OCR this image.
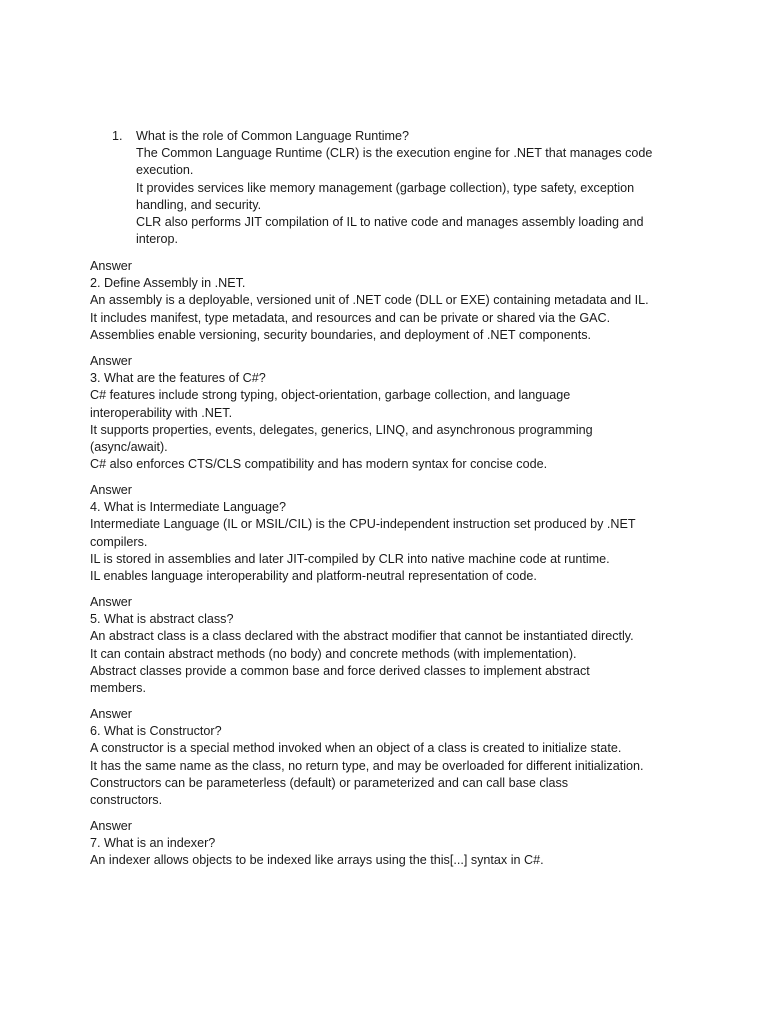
1. What is the role of Common Language Runtime?
The Common Language Runtime (CLR) is the execution engine for .NET that manages code
execution.
It provides services like memory management (garbage collection), type safety, exception
handling, and security.
CLR also performs JIT compilation of IL to native code and manages assembly loading and
interop.
Answer
2. Define Assembly in .NET.
An assembly is a deployable, versioned unit of .NET code (DLL or EXE) containing metadata and IL.
It includes manifest, type metadata, and resources and can be private or shared via the GAC.
Assemblies enable versioning, security boundaries, and deployment of .NET components.
Answer
3. What are the features of C#?
C# features include strong typing, object-orientation, garbage collection, and language
interoperability with .NET.
It supports properties, events, delegates, generics, LINQ, and asynchronous programming
(async/await).
C# also enforces CTS/CLS compatibility and has modern syntax for concise code.
Answer
4. What is Intermediate Language?
Intermediate Language (IL or MSIL/CIL) is the CPU-independent instruction set produced by .NET
compilers.
IL is stored in assemblies and later JIT-compiled by CLR into native machine code at runtime.
IL enables language interoperability and platform-neutral representation of code.
Answer
5. What is abstract class?
An abstract class is a class declared with the abstract modifier that cannot be instantiated directly.
It can contain abstract methods (no body) and concrete methods (with implementation).
Abstract classes provide a common base and force derived classes to implement abstract
members.
Answer
6. What is Constructor?
A constructor is a special method invoked when an object of a class is created to initialize state.
It has the same name as the class, no return type, and may be overloaded for different initialization.
Constructors can be parameterless (default) or parameterized and can call base class
constructors.
Answer
7. What is an indexer?
An indexer allows objects to be indexed like arrays using the this[...] syntax in C#.
